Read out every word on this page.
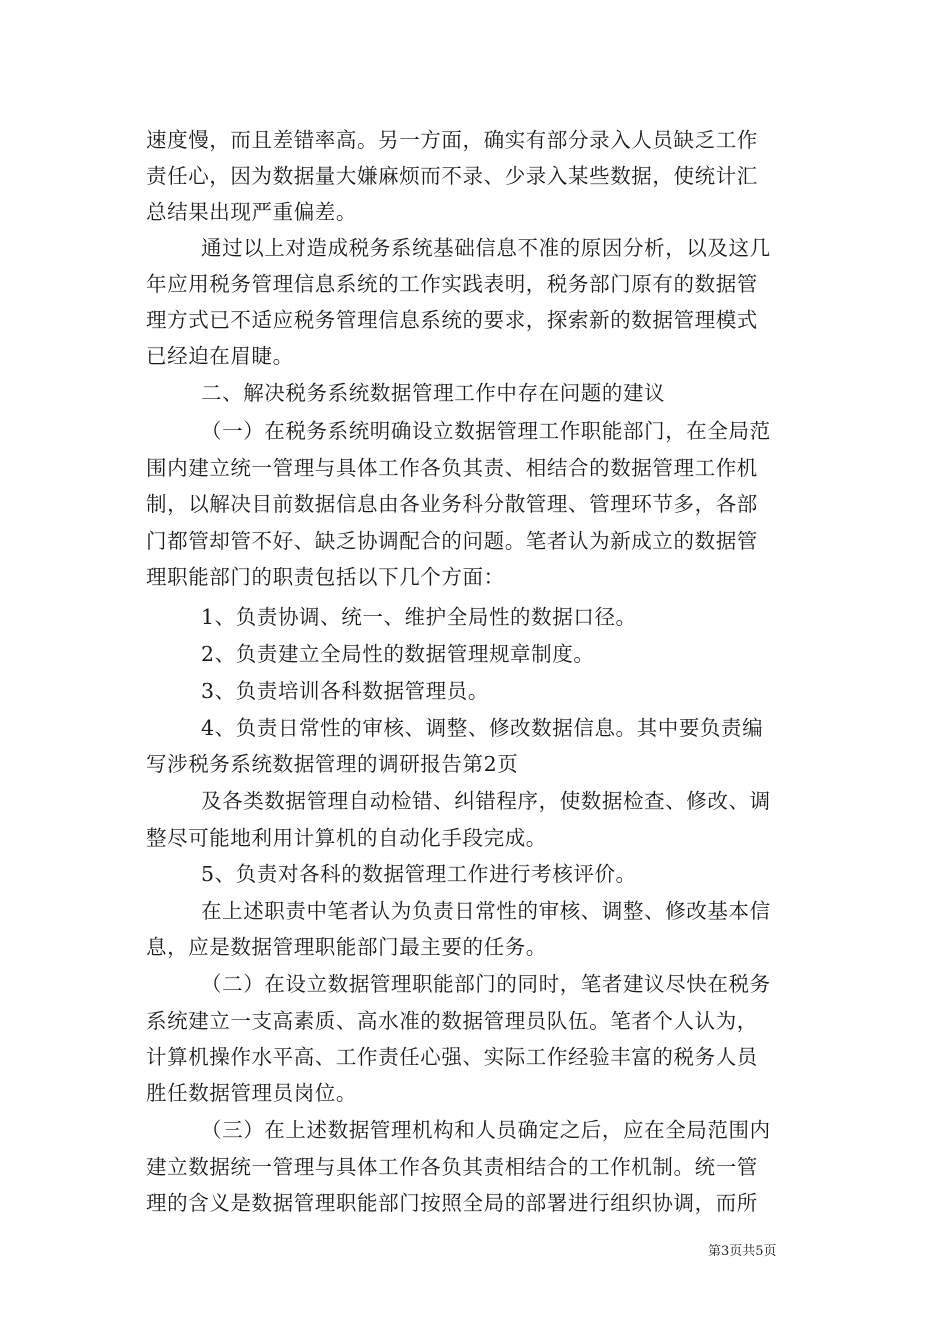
速度慢，而且差错率高。另一方面，确实有部分录入人员缺乏工作
责任心，因为数据量大嫌麻烦而不录、少录入某些数据，使统计汇
总结果出现严重偏差。
通过以上对造成税务系统基础信息不准的原因分析，以及这几
年应用税务管理信息系统的工作实践表明，税务部门原有的数据管
理方式已不适应税务管理信息系统的要求，探索新的数据管理模式
已经迫在眉睫。
二、解决税务系统数据管理工作中存在问题的建议
（一）在税务系统明确设立数据管理工作职能部门，在全局范
围内建立统一管理与具体工作各负其责、相结合的数据管理工作机
制，以解决目前数据信息由各业务科分散管理、管理环节多，各部
门都管却管不好、缺乏协调配合的问题。笔者认为新成立的数据管
理职能部门的职责包括以下几个方面：
1、负责协调、统一、维护全局性的数据口径。
2、负责建立全局性的数据管理规章制度。
3、负责培训各科数据管理员。
4、负责日常性的审核、调整、修改数据信息。其中要负责编
写涉税务系统数据管理的调研报告第2页
及各类数据管理自动检错、纠错程序，使数据检查、修改、调
整尽可能地利用计算机的自动化手段完成。
5、负责对各科的数据管理工作进行考核评价。
在上述职责中笔者认为负责日常性的审核、调整、修改基本信
息，应是数据管理职能部门最主要的任务。
（二）在设立数据管理职能部门的同时，笔者建议尽快在税务
系统建立一支高素质、高水准的数据管理员队伍。笔者个人认为，
计算机操作水平高、工作责任心强、实际工作经验丰富的税务人员
胜任数据管理员岗位。
（三）在上述数据管理机构和人员确定之后，应在全局范围内
建立数据统一管理与具体工作各负其责相结合的工作机制。统一管
理的含义是数据管理职能部门按照全局的部署进行组织协调，而所
第3页共5页
